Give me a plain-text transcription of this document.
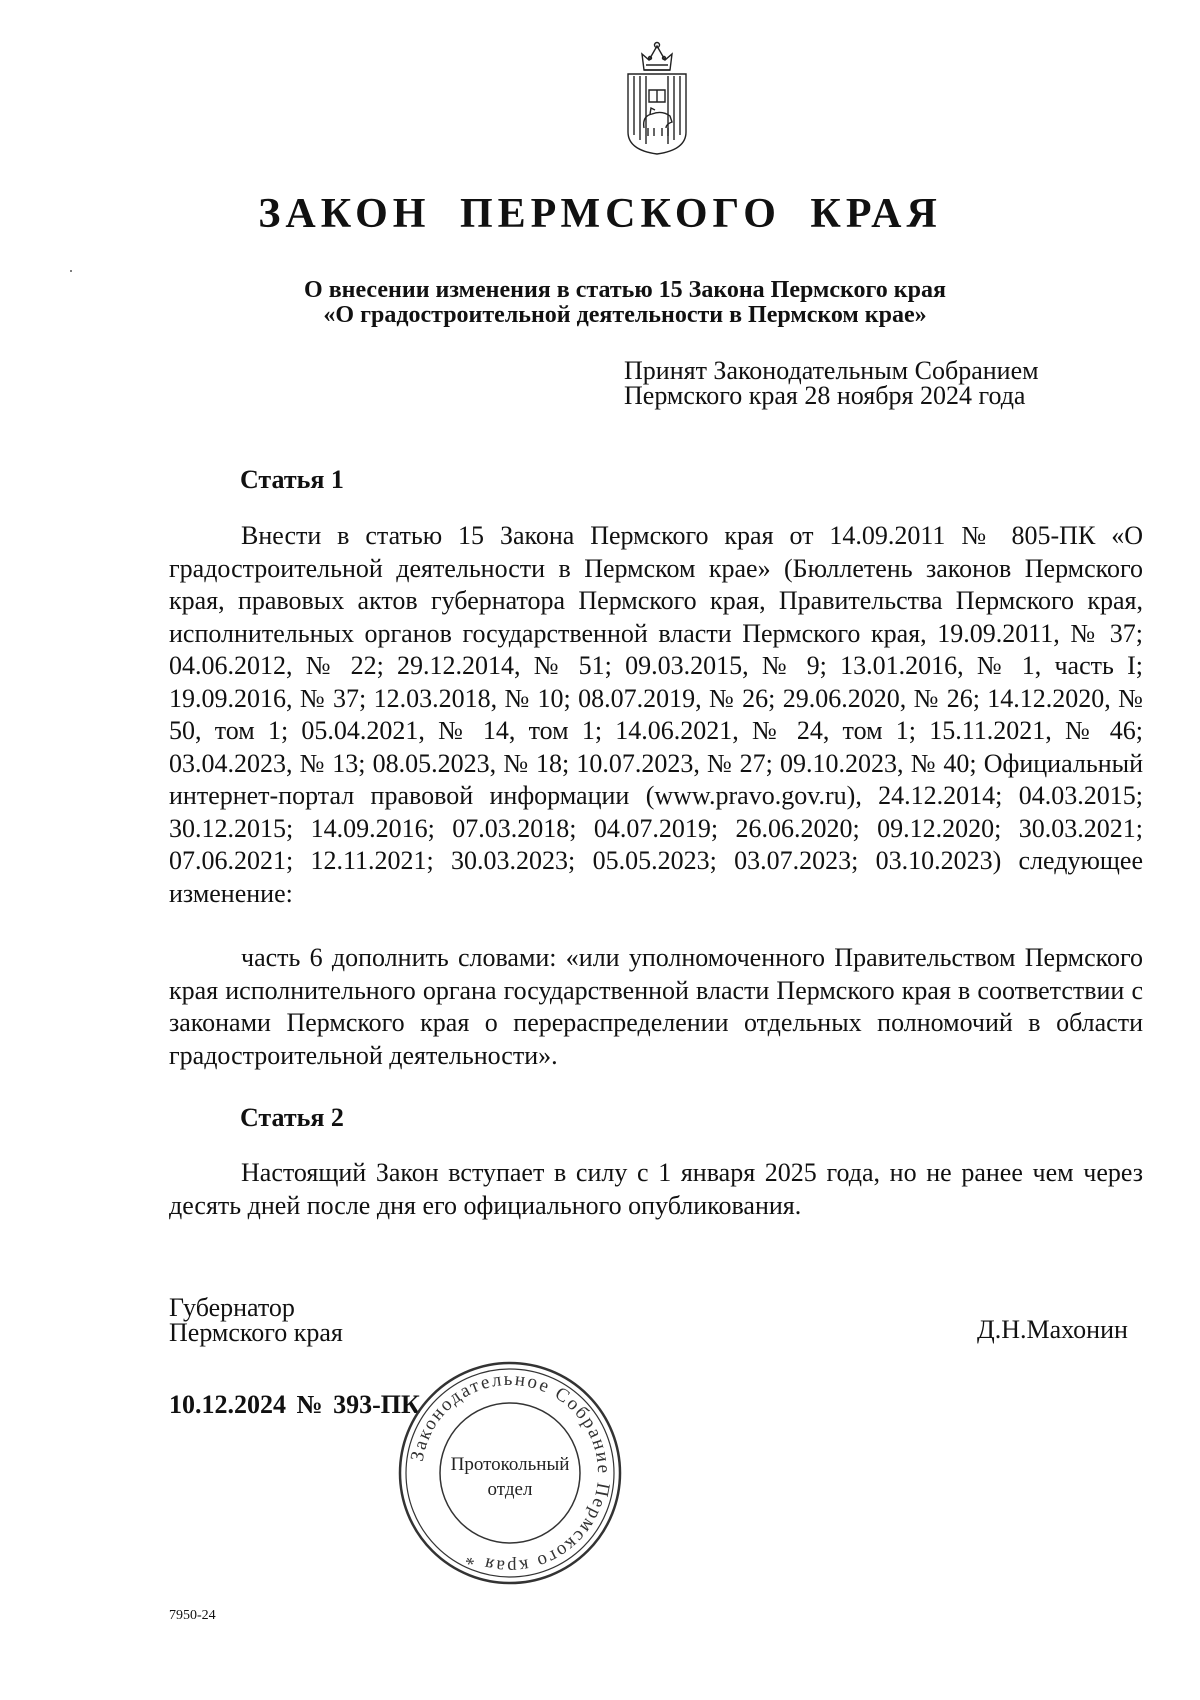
ЗАКОН ПЕРМСКОГО КРАЯ

О внесении изменения в статью 15 Закона Пермского края
«О градостроительной деятельности в Пермском крае»

Принят Законодательным Собранием
Пермского края 28 ноября 2024 года

Статья 1

Внести в статью 15 Закона Пермского края от 14.09.2011 № 805-ПК «О градостроительной деятельности в Пермском крае» (Бюллетень законов Пермского края, правовых актов губернатора Пермского края, Правительства Пермского края, исполнительных органов государственной власти Пермского края, 19.09.2011, № 37; 04.06.2012, № 22; 29.12.2014, № 51; 09.03.2015, № 9; 13.01.2016, № 1, часть I; 19.09.2016, № 37; 12.03.2018, № 10; 08.07.2019, № 26; 29.06.2020, № 26; 14.12.2020, № 50, том 1; 05.04.2021, № 14, том 1; 14.06.2021, № 24, том 1; 15.11.2021, № 46; 03.04.2023, № 13; 08.05.2023, № 18; 10.07.2023, № 27; 09.10.2023, № 40; Официальный интернет-портал правовой информации (www.pravo.gov.ru), 24.12.2014; 04.03.2015; 30.12.2015; 14.09.2016; 07.03.2018; 04.07.2019; 26.06.2020; 09.12.2020; 30.03.2021; 07.06.2021; 12.11.2021; 30.03.2023; 05.05.2023; 03.07.2023; 03.10.2023) следующее изменение:

часть 6 дополнить словами: «или уполномоченного Правительством Пермского края исполнительного органа государственной власти Пермского края в соответствии с законами Пермского края о перераспределении отдельных полномочий в области градостроительной деятельности».

Статья 2

Настоящий Закон вступает в силу с 1 января 2025 года, но не ранее чем через десять дней после дня его официального опубликования.

Губернатор
Пермского края	Д.Н.Махонин

10.12.2024 № 393-ПК

Законодательное Собрание Пермского края *
Протокольный
отдел

7950-24
